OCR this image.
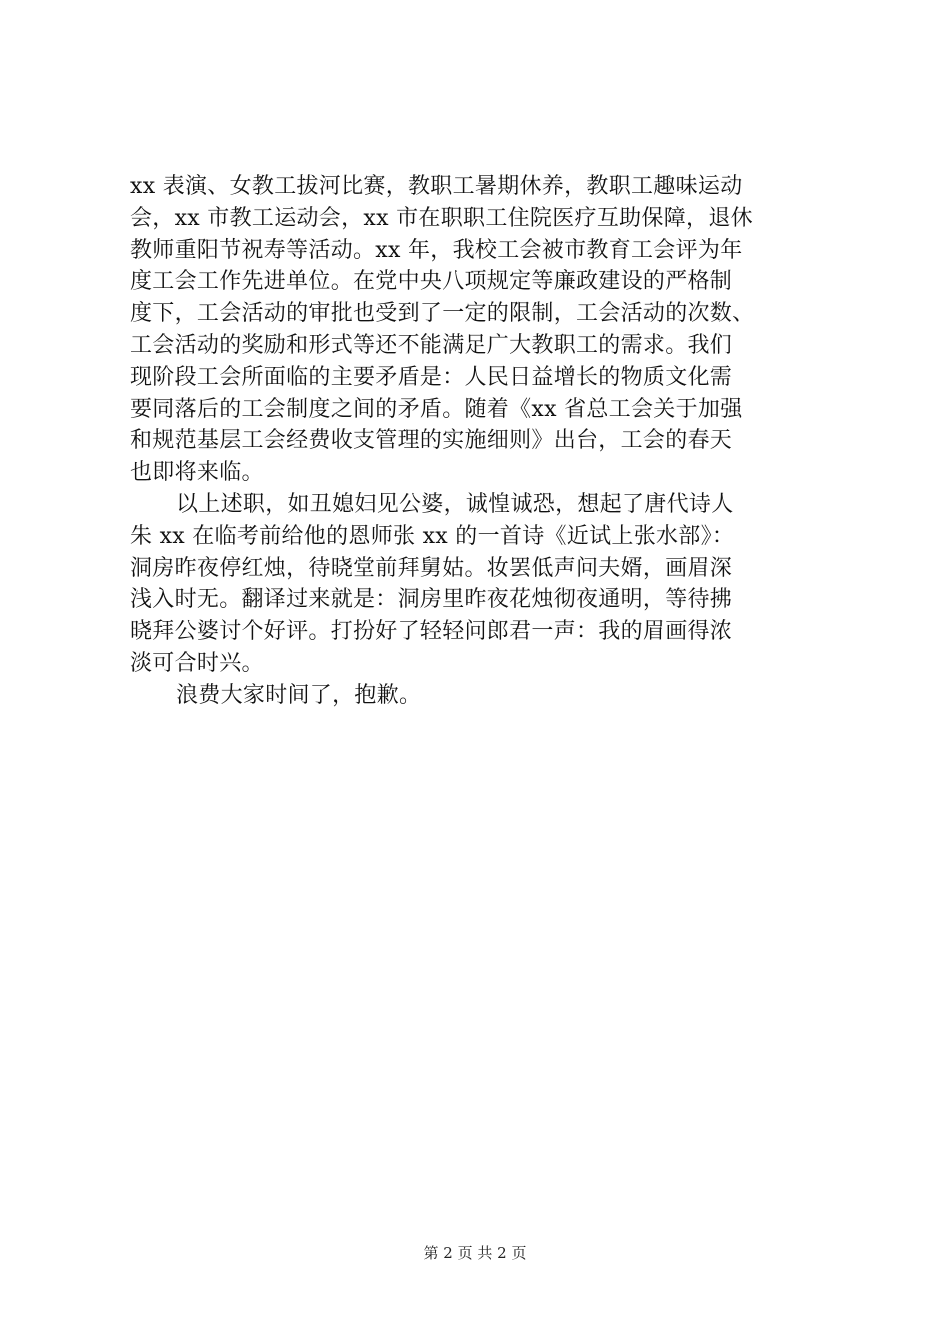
xx 表演、女教工拔河比赛，教职工暑期休养，教职工趣味运动
会，xx 市教工运动会，xx 市在职职工住院医疗互助保障，退休
教师重阳节祝寿等活动。xx 年，我校工会被市教育工会评为年
度工会工作先进单位。在党中央八项规定等廉政建设的严格制
度下，工会活动的审批也受到了一定的限制，工会活动的次数、
工会活动的奖励和形式等还不能满足广大教职工的需求。我们
现阶段工会所面临的主要矛盾是：人民日益增长的物质文化需
要同落后的工会制度之间的矛盾。随着《xx 省总工会关于加强
和规范基层工会经费收支管理的实施细则》出台，工会的春天
也即将来临。
以上述职，如丑媳妇见公婆，诚惶诚恐，想起了唐代诗人
朱 xx 在临考前给他的恩师张 xx 的一首诗《近试上张水部》：
洞房昨夜停红烛，待晓堂前拜舅姑。妆罢低声问夫婿，画眉深
浅入时无。翻译过来就是：洞房里昨夜花烛彻夜通明，等待拂
晓拜公婆讨个好评。打扮好了轻轻问郎君一声：我的眉画得浓
淡可合时兴。
浪费大家时间了，抱歉。
第 2 页 共 2 页
